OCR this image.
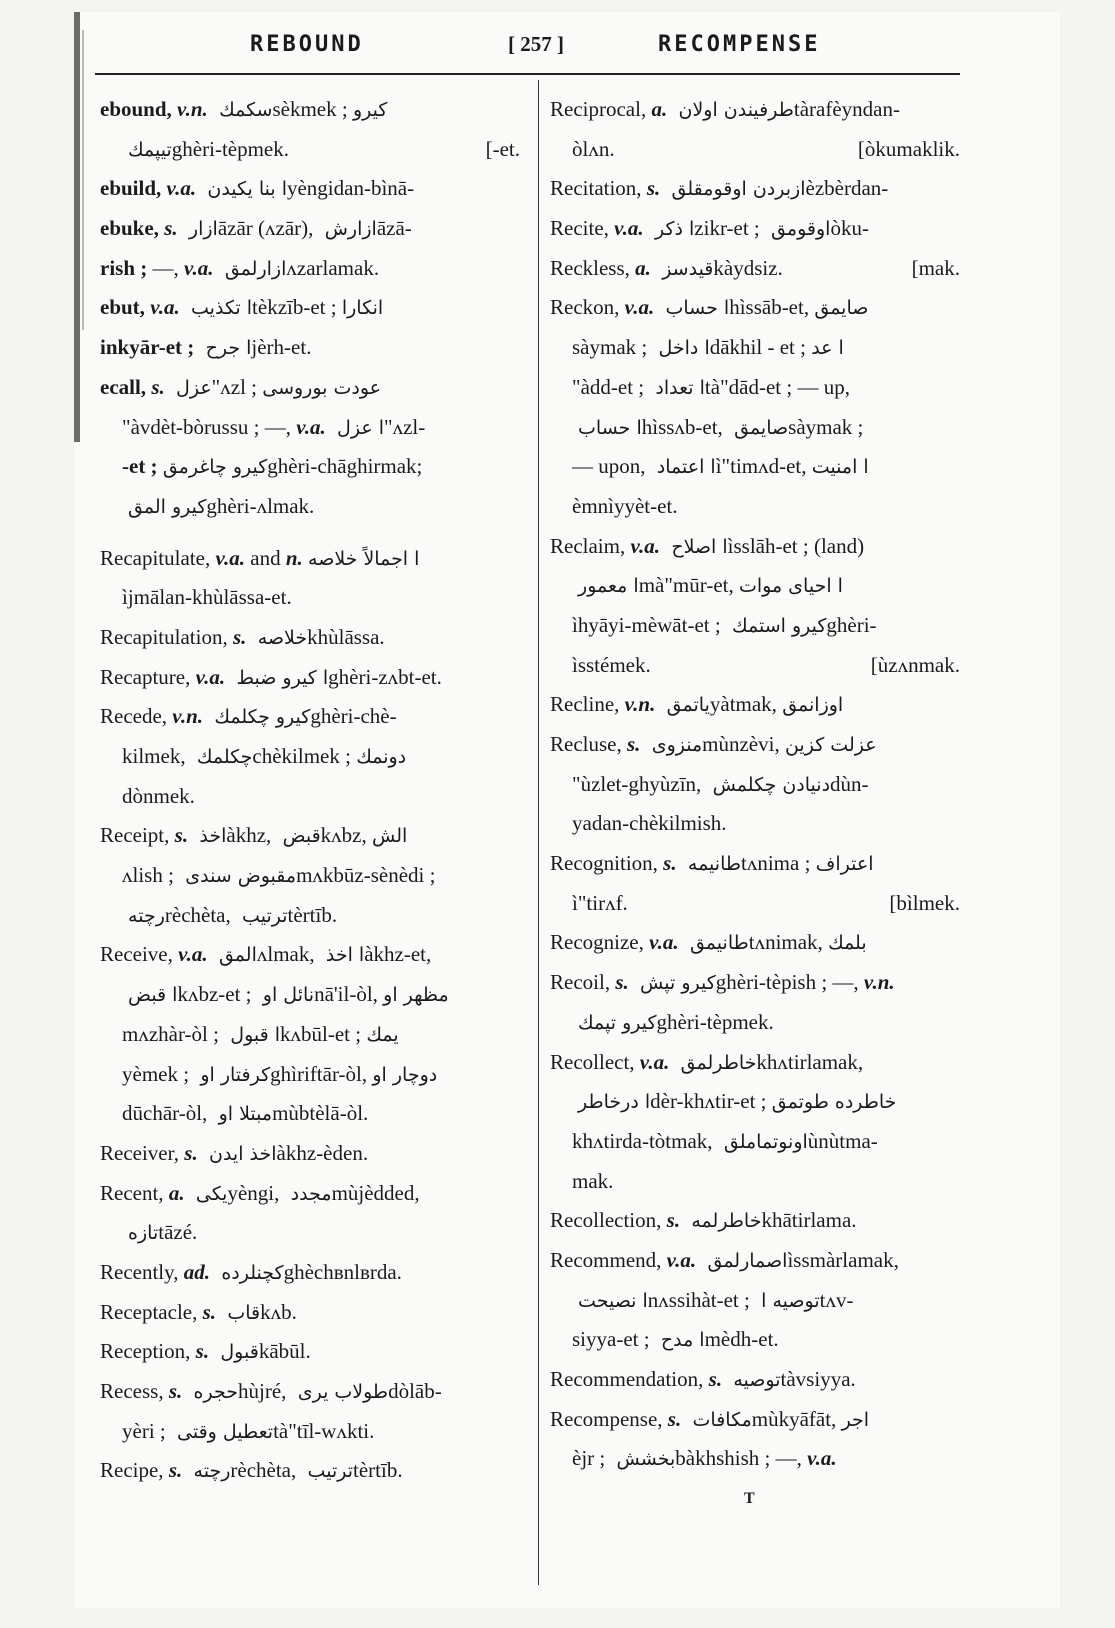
REBOUND	[ 257 ]	RECOMPENSE
ebound, v.n. سكمك sèkmek ; كيرو
تيپمك ghèri-tèpmek.	[-et.
ebuild, v.a. ا بنا يكيدن yèngidan-bìnā-
ebuke, s. ازار āzār (ʌzār), ازارش āzā-
rish ; —, v.a. ازارلمق ʌzarlamak.
ebut, v.a. ا تكذيب tèkzīb-et ; انكارا
inkyār-et ; ا جرح jèrh-et.
ecall, s. عزل "ʌzl ; عودت بوروسى
"àvdèt-bòrussu ; —, v.a. ا عزل "ʌzl-
-et ; كيرو چاغرمقghèri-chāghirmak;
كيرو المق ghèri-ʌlmak.
Recapitulate, v.a. and n. ا اجمالاً خلاصه
ìjmālan-khùlāssa-et.
Recapitulation, s. خلاصه khùlāssa.
Recapture, v.a. ا كيرو ضبط ghèri-zʌbt-et.
Recede, v.n. كيرو چكلمك ghèri-chè-
kilmek, چكلمك chèkilmek ; دونمك
dònmek.
Receipt, s. اخذ àkhz, قبض kʌbz, الش
ʌlish ; مقبوض سندى mʌkbūz-sènèdi ;
رچته rèchèta, ترتيب tèrtīb.
Receive, v.a. المق ʌlmak, ا اخذ àkhz-et,
ا قبض kʌbz-et ; نائل او nā'il-òl, مظهر او
mʌzhàr-òl ; ا قبول kʌbūl-et ; يمك
yèmek ; كرفتار او ghìriftār-òl, دوچار او
dūchār-òl, مبتلا او mùbtèlā-òl.
Receiver, s. اخذ ايدن àkhz-èden.
Recent, a. يكى yèngi, مجدد mùjèdded,
تازه tāzé.
Recently, ad. كچنلرده ghèchʙnlʙrda.
Receptacle, s. قاب kʌb.
Reception, s. قبول kābūl.
Recess, s. حجره hùjré, طولاب يرى dòlāb-
yèri ; تعطيل وقتى tà"tīl-wʌkti.
Recipe, s. رچته rèchèta, ترتيب tèrtīb.
Reciprocal, a. طرفيندن اولان tàrafèyndan-
òlʌn.	[òkumaklik.
Recitation, s. ازبردن اوقومقلق èzbèrdan-
Recite, v.a. ا ذكر zikr-et ; اوقومق òku-
Reckless, a. قيدسز kàydsiz.	[mak.
Reckon, v.a. ا حساب hìssāb-et, صايمق
sàymak ; ا داخل dākhil - et ; ا عد
"àdd-et ; ا تعداد tà"dād-et ; — up,
ا حساب hìssʌb-et, صايمق sàymak ;
— upon, ا اعتماد ì"timʌd-et, ا امنيت
èmnìyyèt-et.
Reclaim, v.a. ا اصلاح ìsslāh-et ; (land)
ا معمور mà"mūr-et, ا احياى موات
ìhyāyi-mèwāt-et ; كيرو استمك ghèri-
ìsstémek.	[ùzʌnmak.
Recline, v.n. ياتمق yàtmak, اوزانمق
Recluse, s. منزوى mùnzèvi, عزلت كزين
"ùzlet-ghyùzīn, دنيادن چكلمش dùn-
yadan-chèkilmish.
Recognition, s. طانيمه tʌnima ; اعتراف
ì"tirʌf.	[bìlmek.
Recognize, v.a. طانيمق tʌnimak, بلمك
Recoil, s. كيرو تپش ghèri-tèpish ; —, v.n.
كيرو تپمك ghèri-tèpmek.
Recollect, v.a. خاطرلمق khʌtirlamak,
ا درخاطر dèr-khʌtir-et ; خاطرده طوتمق
khʌtirda-tòtmak, اونوتماملق ùnùtma-
mak.
Recollection, s. خاطرلمه khātirlama.
Recommend, v.a. اصمارلمق ìssmàrlamak,
ا نصيحت nʌssihàt-et ; توصيه ا tʌv-
siyya-et ; ا مدح mèdh-et.
Recommendation, s. توصيه tàvsiyya.
Recompense, s. مكافات mùkyāfāt, اجر
èjr ; بخشش bàkhshish ; —, v.a.
T
